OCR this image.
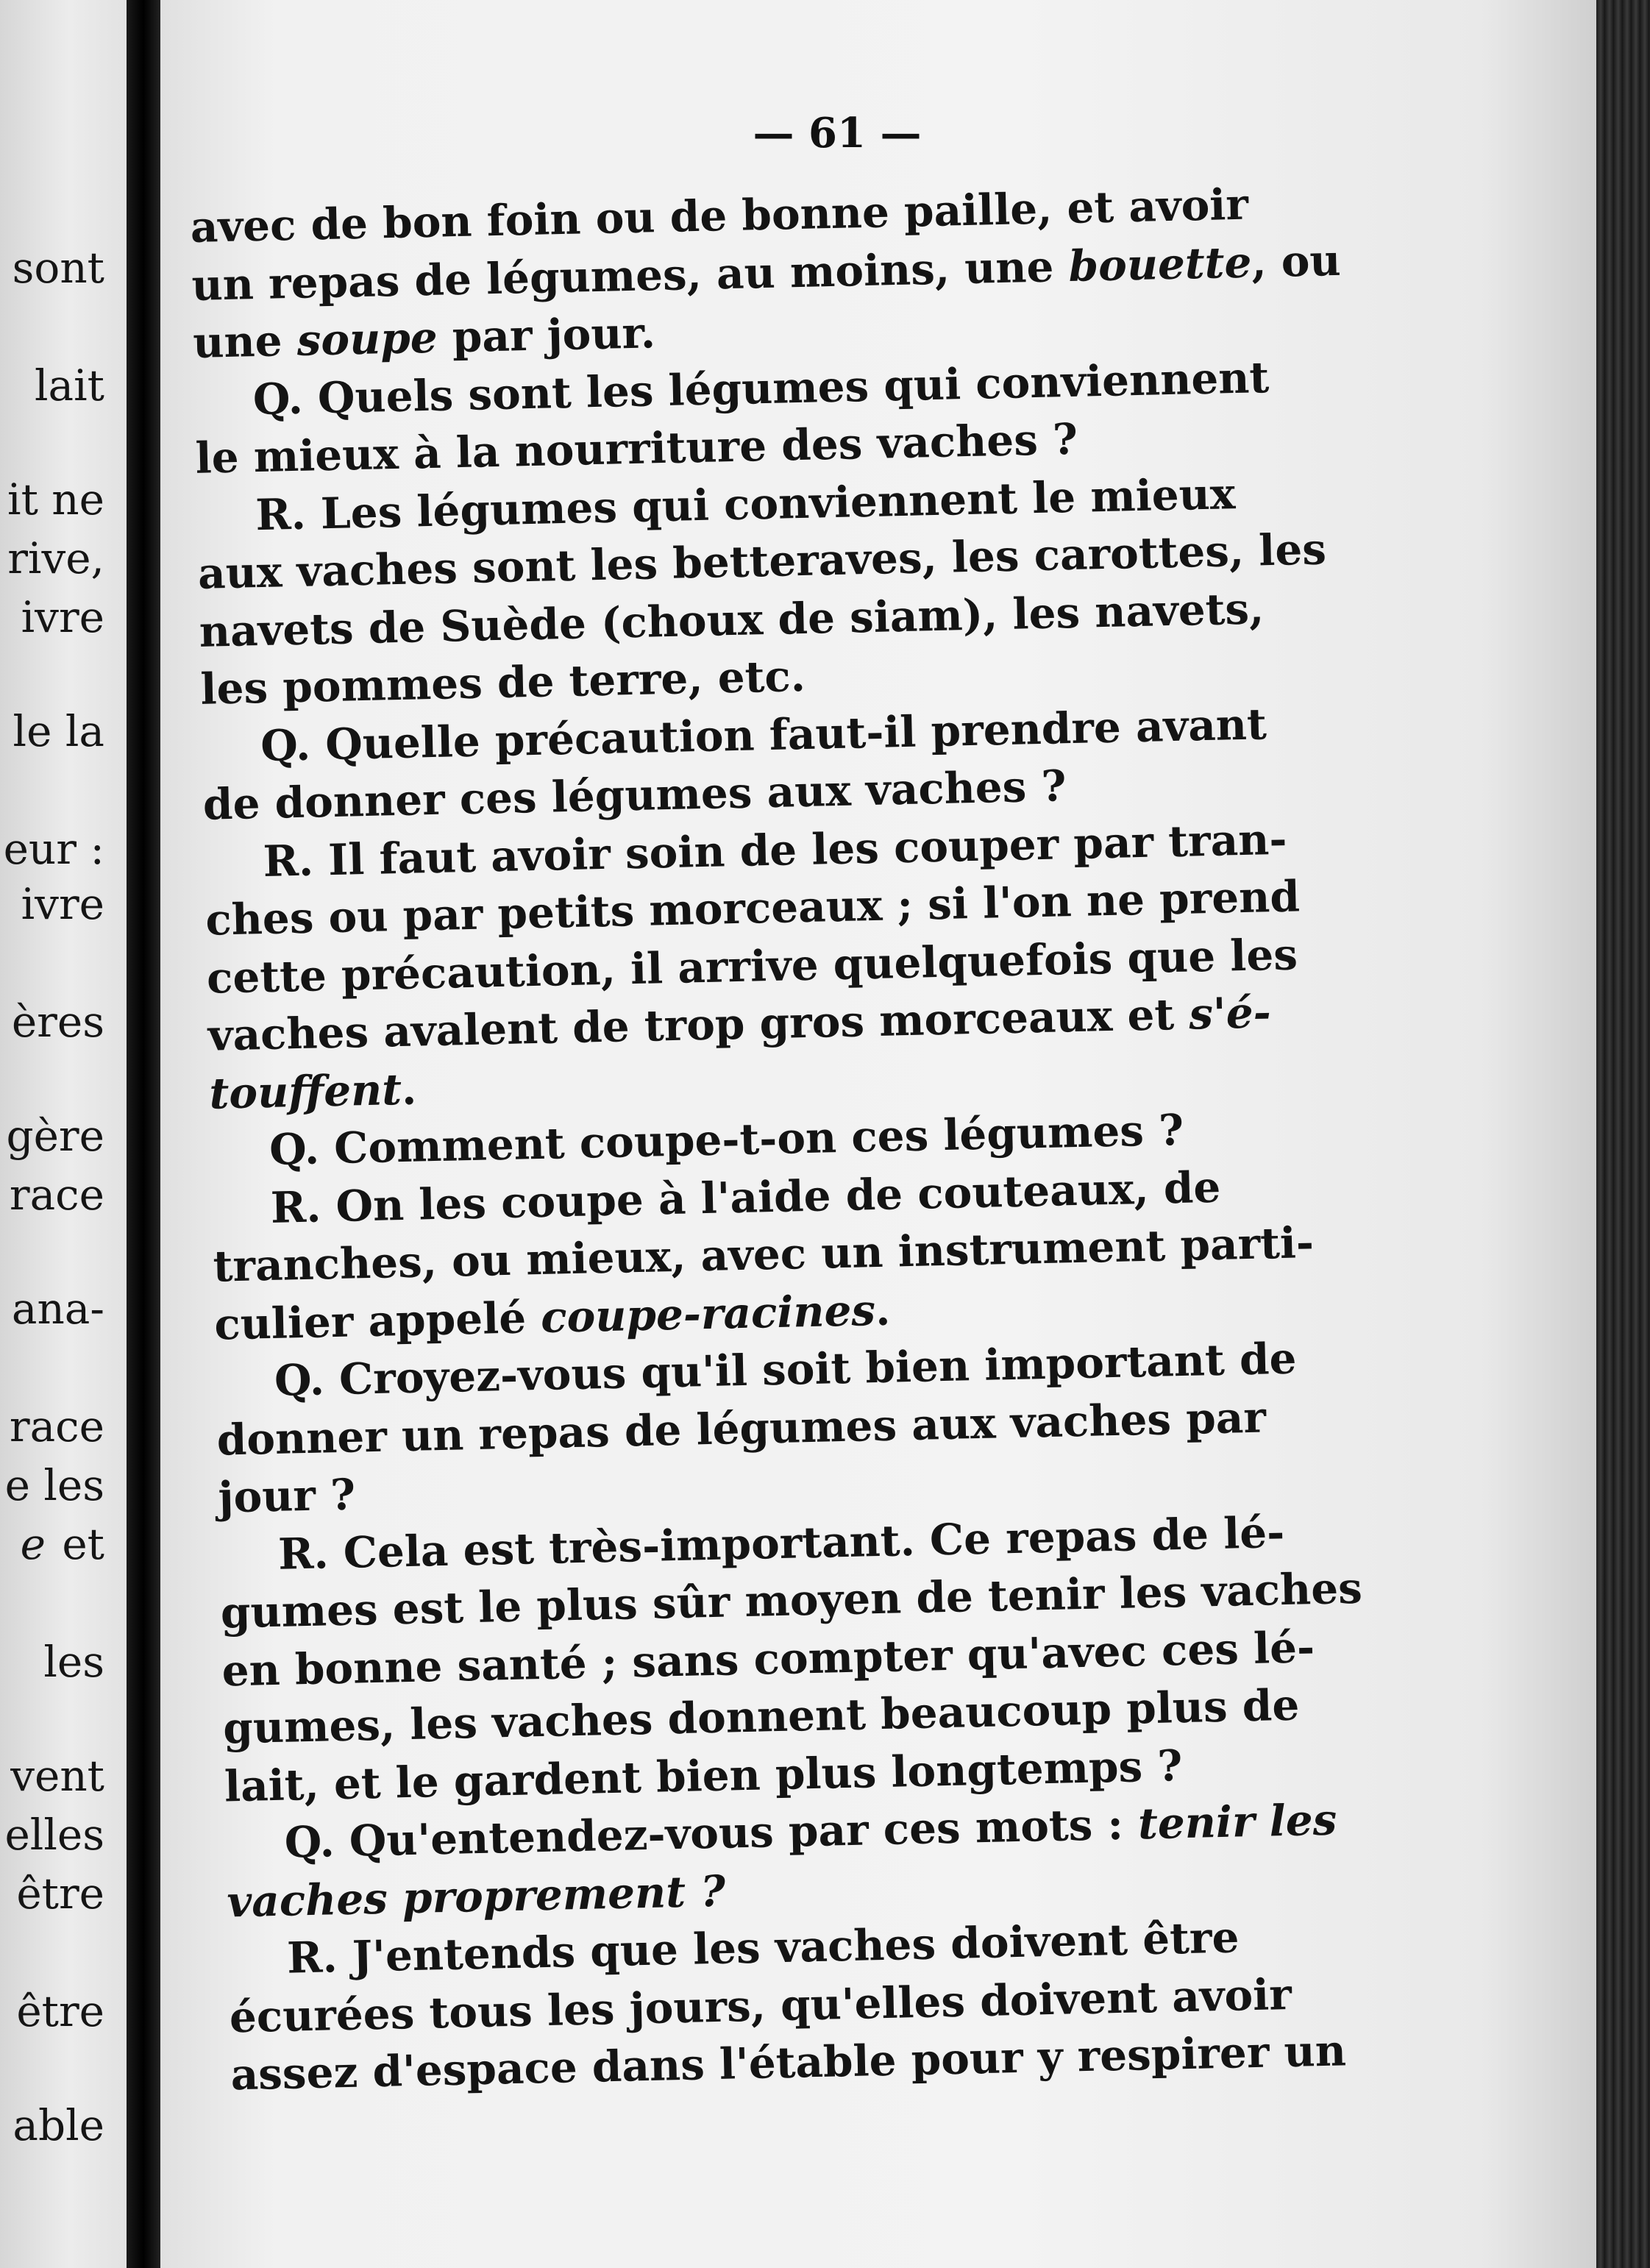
sont
lait
it ne
rive,
ivre
le la
eur :
ivre
ères
gère
race
ana-
race
e les
e et
les
vent
elles
être
être
able
— 61 —
avec de bon foin ou de bonne paille, et avoir
un repas de légumes, au moins, une bouette, ou
une soupe par jour.
Q. Quels sont les légumes qui conviennent
le mieux à la nourriture des vaches ?
R. Les légumes qui conviennent le mieux
aux vaches sont les betteraves, les carottes, les
navets de Suède (choux de siam), les navets,
les pommes de terre, etc.
Q. Quelle précaution faut-il prendre avant
de donner ces légumes aux vaches ?
R. Il faut avoir soin de les couper par tran-
ches ou par petits morceaux ; si l'on ne prend
cette précaution, il arrive quelquefois que les
vaches avalent de trop gros morceaux et s'é-
touffent.
Q. Comment coupe-t-on ces légumes ?
R. On les coupe à l'aide de couteaux, de
tranches, ou mieux, avec un instrument parti-
culier appelé coupe-racines.
Q. Croyez-vous qu'il soit bien important de
donner un repas de légumes aux vaches par
jour ?
R. Cela est très-important. Ce repas de lé-
gumes est le plus sûr moyen de tenir les vaches
en bonne santé ; sans compter qu'avec ces lé-
gumes, les vaches donnent beaucoup plus de
lait, et le gardent bien plus longtemps ?
Q. Qu'entendez-vous par ces mots : tenir les
vaches proprement ?
R. J'entends que les vaches doivent être
écurées tous les jours, qu'elles doivent avoir
assez d'espace dans l'étable pour y respirer un
